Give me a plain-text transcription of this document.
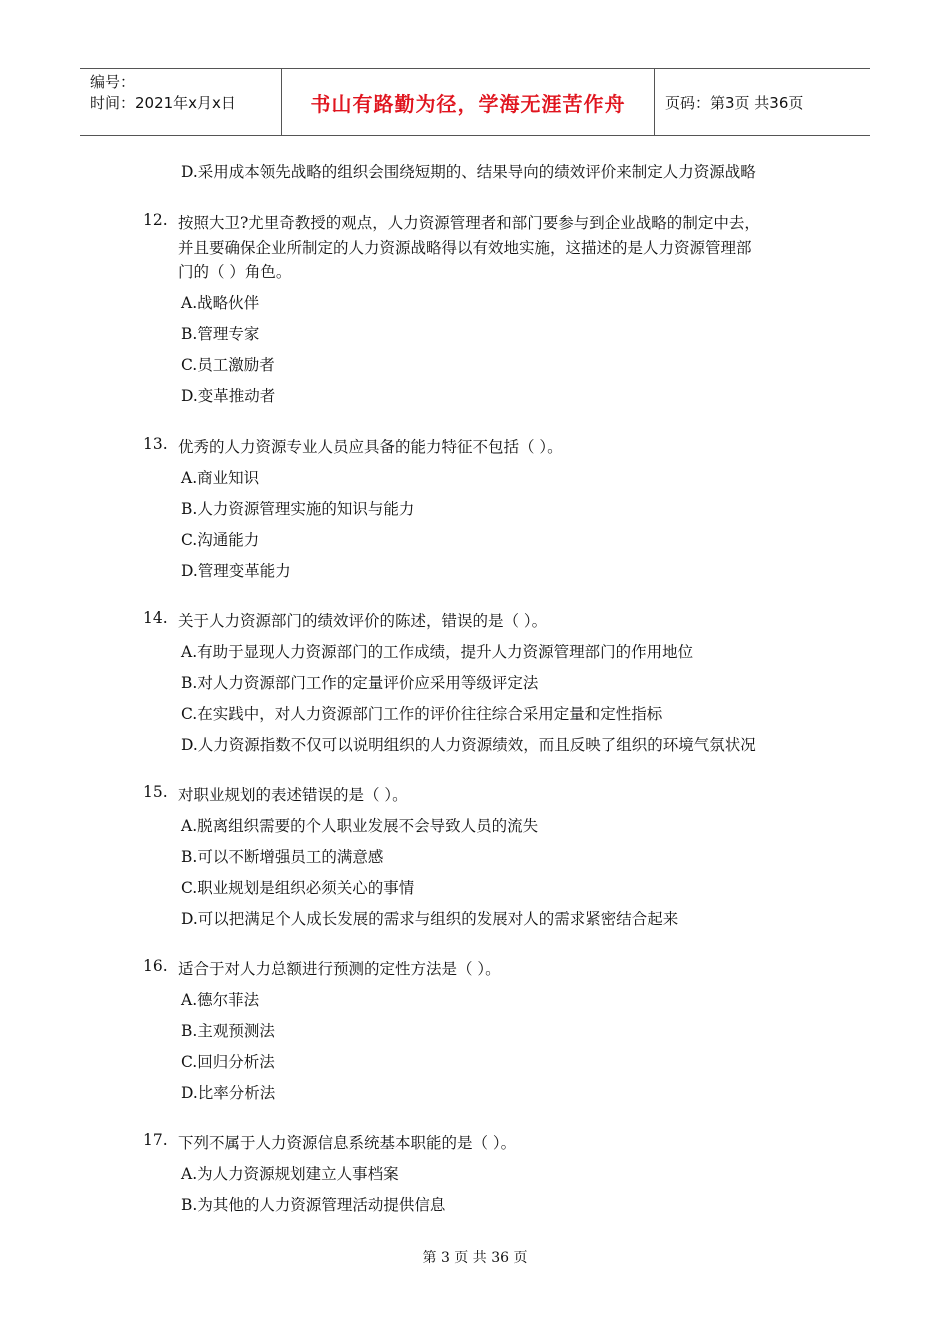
编号：
时间：2021年x月x日	书山有路勤为径，学海无涯苦作舟	页码：第3页 共36页
D.采用成本领先战略的组织会围绕短期的、结果导向的绩效评价来制定人力资源战略
12. 按照大卫?尤里奇教授的观点，人力资源管理者和部门要参与到企业战略的制定中去，
并且要确保企业所制定的人力资源战略得以有效地实施，这描述的是人力资源管理部
门的（ ）角色。
A.战略伙伴
B.管理专家
C.员工激励者
D.变革推动者
13. 优秀的人力资源专业人员应具备的能力特征不包括（ ）。
A.商业知识
B.人力资源管理实施的知识与能力
C.沟通能力
D.管理变革能力
14. 关于人力资源部门的绩效评价的陈述，错误的是（ ）。
A.有助于显现人力资源部门的工作成绩，提升人力资源管理部门的作用地位
B.对人力资源部门工作的定量评价应采用等级评定法
C.在实践中，对人力资源部门工作的评价往往综合采用定量和定性指标
D.人力资源指数不仅可以说明组织的人力资源绩效，而且反映了组织的环境气氛状况
15. 对职业规划的表述错误的是（ ）。
A.脱离组织需要的个人职业发展不会导致人员的流失
B.可以不断增强员工的满意感
C.职业规划是组织必须关心的事情
D.可以把满足个人成长发展的需求与组织的发展对人的需求紧密结合起来
16. 适合于对人力总额进行预测的定性方法是（ ）。
A.德尔菲法
B.主观预测法
C.回归分析法
D.比率分析法
17. 下列不属于人力资源信息系统基本职能的是（ ）。
A.为人力资源规划建立人事档案
B.为其他的人力资源管理活动提供信息
第 3 页 共 36 页
